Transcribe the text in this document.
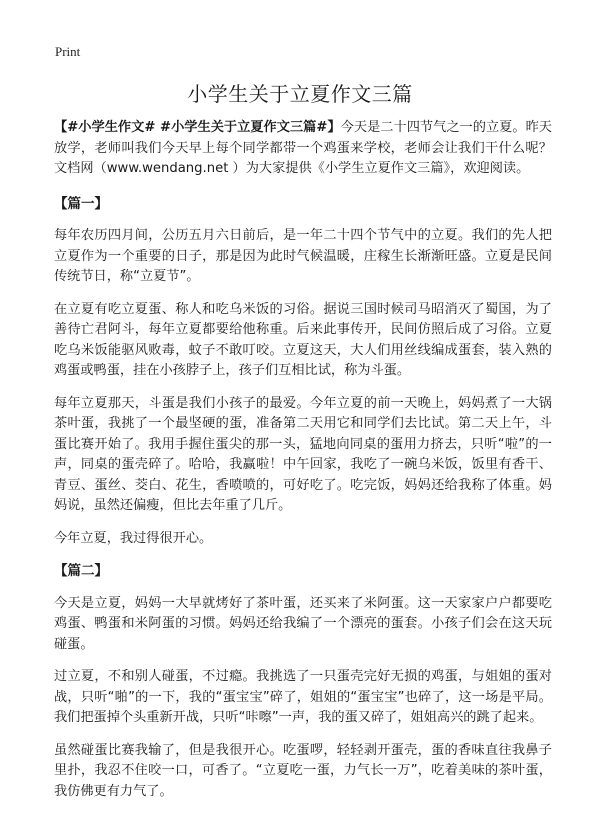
Print
小学生关于立夏作文三篇

【#小学生作文# #小学生关于立夏作文三篇#】今天是二十四节气之一的立夏。昨天放学，老师叫我们今天早上每个同学都带一个鸡蛋来学校，老师会让我们干什么呢？文档网（www.wendang.net ）为大家提供《小学生立夏作文三篇》，欢迎阅读。

【篇一】

每年农历四月间，公历五月六日前后，是一年二十四个节气中的立夏。我们的先人把立夏作为一个重要的日子，那是因为此时气候温暖，庄稼生长渐渐旺盛。立夏是民间传统节日，称“立夏节”。

在立夏有吃立夏蛋、称人和吃乌米饭的习俗。据说三国时候司马昭消灭了蜀国，为了善待亡君阿斗，每年立夏都要给他称重。后来此事传开，民间仿照后成了习俗。立夏吃乌米饭能驱风败毒，蚊子不敢叮咬。立夏这天，大人们用丝线编成蛋套，装入熟的鸡蛋或鸭蛋，挂在小孩脖子上，孩子们互相比试，称为斗蛋。

每年立夏那天，斗蛋是我们小孩子的最爱。今年立夏的前一天晚上，妈妈煮了一大锅茶叶蛋，我挑了一个最坚硬的蛋，准备第二天用它和同学们去比试。第二天上午，斗蛋比赛开始了。我用手握住蛋尖的那一头，猛地向同桌的蛋用力挤去，只听“啦”的一声，同桌的蛋壳碎了。哈哈，我赢啦！中午回家，我吃了一碗乌米饭，饭里有香干、青豆、蛋丝、茭白、花生，香喷喷的，可好吃了。吃完饭，妈妈还给我称了体重。妈妈说，虽然还偏瘦，但比去年重了几斤。

今年立夏，我过得很开心。

【篇二】

今天是立夏，妈妈一大早就烤好了茶叶蛋，还买来了米阿蛋。这一天家家户户都要吃鸡蛋、鸭蛋和米阿蛋的习惯。妈妈还给我编了一个漂亮的蛋套。小孩子们会在这天玩碰蛋。

过立夏，不和别人碰蛋，不过瘾。我挑选了一只蛋壳完好无损的鸡蛋，与姐姐的蛋对战，只听“啪”的一下，我的“蛋宝宝”碎了，姐姐的“蛋宝宝”也碎了，这一场是平局。我们把蛋掉个头重新开战，只听“咔嚓”一声，我的蛋又碎了，姐姐高兴的跳了起来。

虽然碰蛋比赛我输了，但是我很开心。吃蛋啰，轻轻剥开蛋壳，蛋的香味直往我鼻子里扑，我忍不住咬一口，可香了。“立夏吃一蛋，力气长一万”，吃着美味的茶叶蛋，我仿佛更有力气了。
